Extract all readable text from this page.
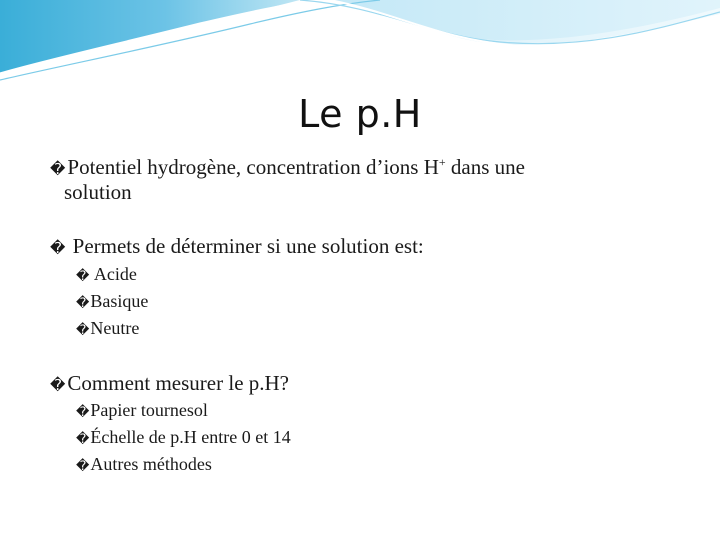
Le p.H
�Potentiel hydrogène, concentration d’ions H+ dans une
solution
� Permets de déterminer si une solution est:
� Acide
�Basique
�Neutre
�Comment mesurer le p.H?
�Papier tournesol
�Échelle de p.H entre 0 et 14
�Autres méthodes
